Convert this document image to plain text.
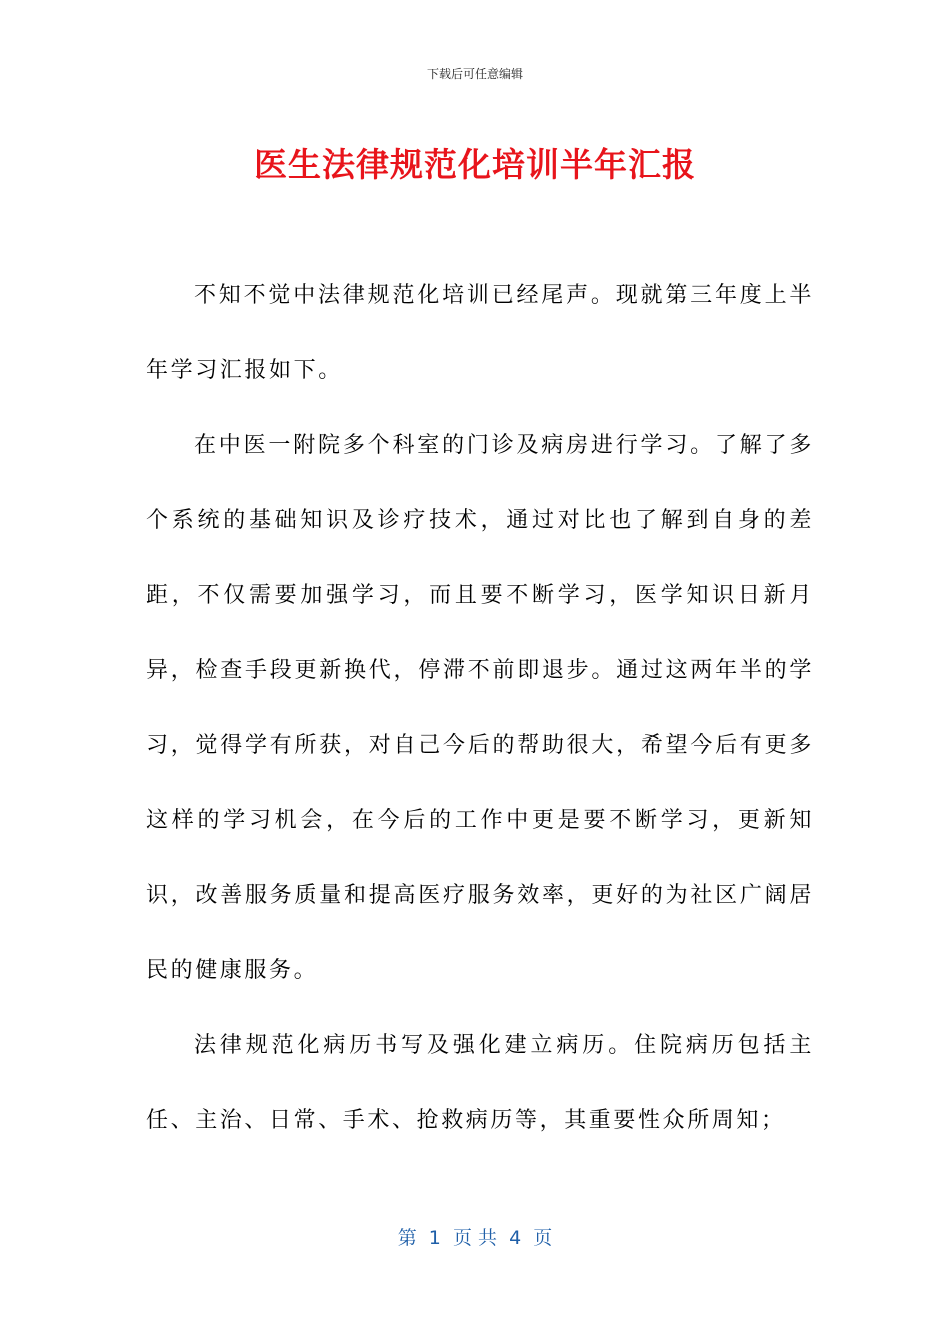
下载后可任意编辑
医生法律规范化培训半年汇报

不知不觉中法律规范化培训已经尾声。现就第三年度上半年学习汇报如下。

在中医一附院多个科室的门诊及病房进行学习。了解了多个系统的基础知识及诊疗技术，通过对比也了解到自身的差距，不仅需要加强学习，而且要不断学习，医学知识日新月异，检查手段更新换代，停滞不前即退步。通过这两年半的学习，觉得学有所获，对自己今后的帮助很大，希望今后有更多这样的学习机会，在今后的工作中更是要不断学习，更新知识，改善服务质量和提高医疗服务效率，更好的为社区广阔居民的健康服务。

法律规范化病历书写及强化建立病历。住院病历包括主任、主治、日常、手术、抢救病历等，其重要性众所周知；

第  1  页 共  4  页
